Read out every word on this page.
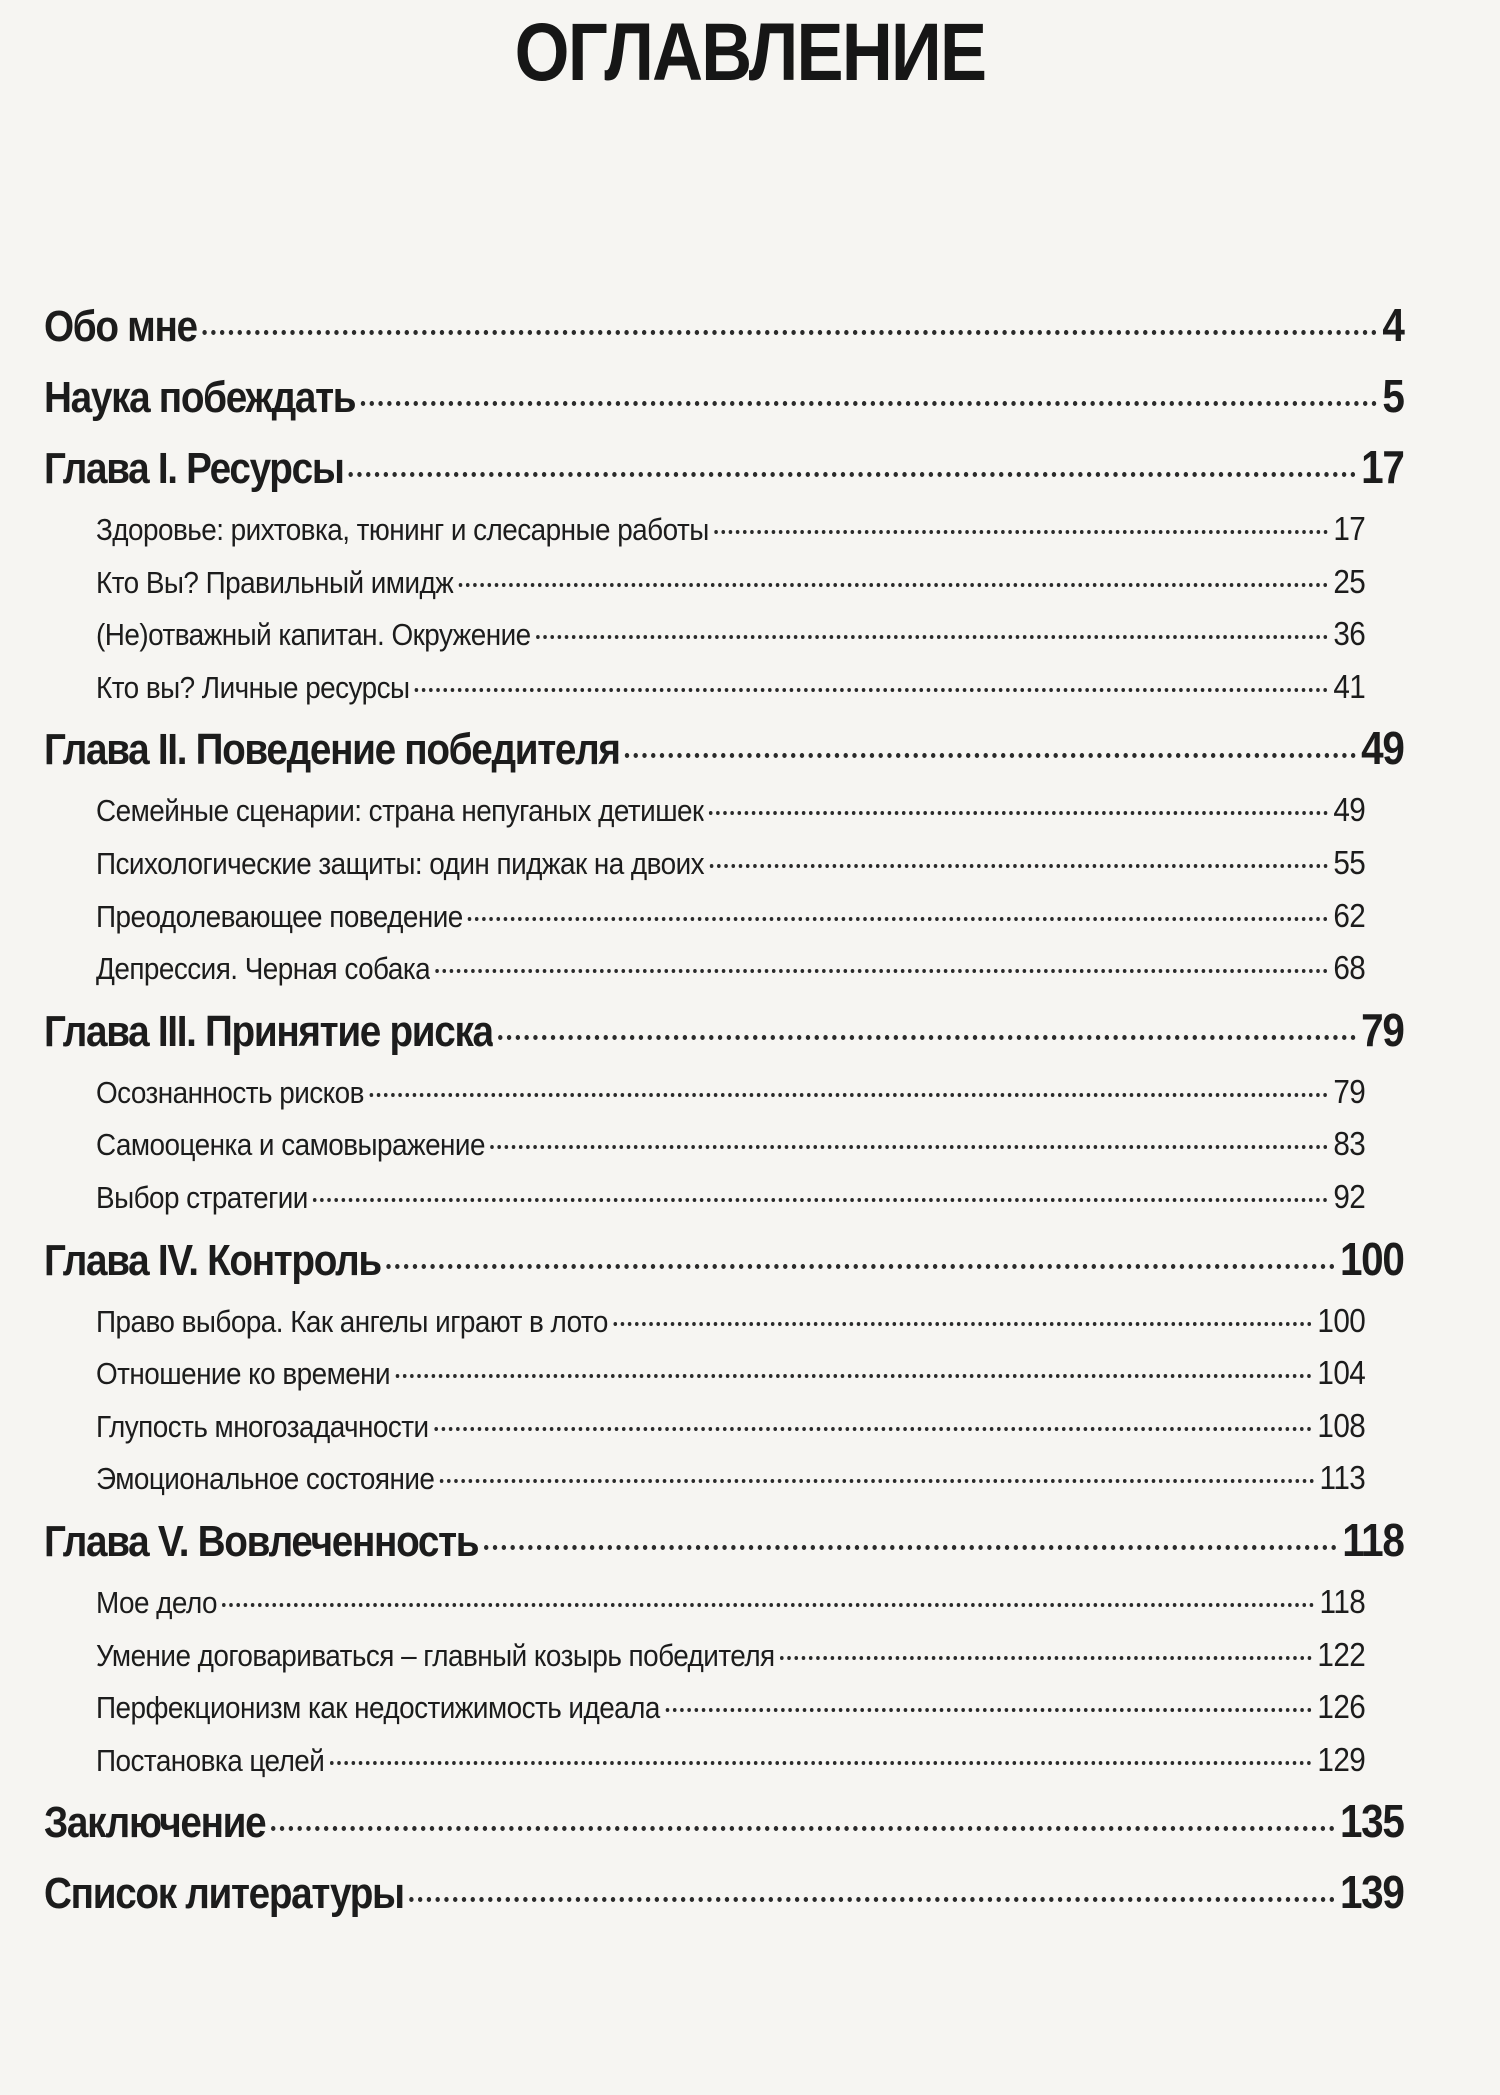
ОГЛАВЛЕНИЕ
Обо мне	4
Наука побеждать	5
Глава I. Ресурсы	17
Здоровье: рихтовка, тюнинг и слесарные работы	17
Кто Вы? Правильный имидж	25
(Не)отважный капитан. Окружение	36
Кто вы? Личные ресурсы	41
Глава II. Поведение победителя	49
Семейные сценарии: страна непуганых детишек	49
Психологические защиты: один пиджак на двоих	55
Преодолевающее поведение	62
Депрессия. Черная собака	68
Глава III. Принятие риска	79
Осознанность рисков	79
Самооценка и самовыражение	83
Выбор стратегии	92
Глава IV. Контроль	100
Право выбора. Как ангелы играют в лото	100
Отношение ко времени	104
Глупость многозадачности	108
Эмоциональное состояние	113
Глава V. Вовлеченность	118
Мое дело	118
Умение договариваться – главный козырь победителя	122
Перфекционизм как недостижимость идеала	126
Постановка целей	129
Заключение	135
Список литературы	139
